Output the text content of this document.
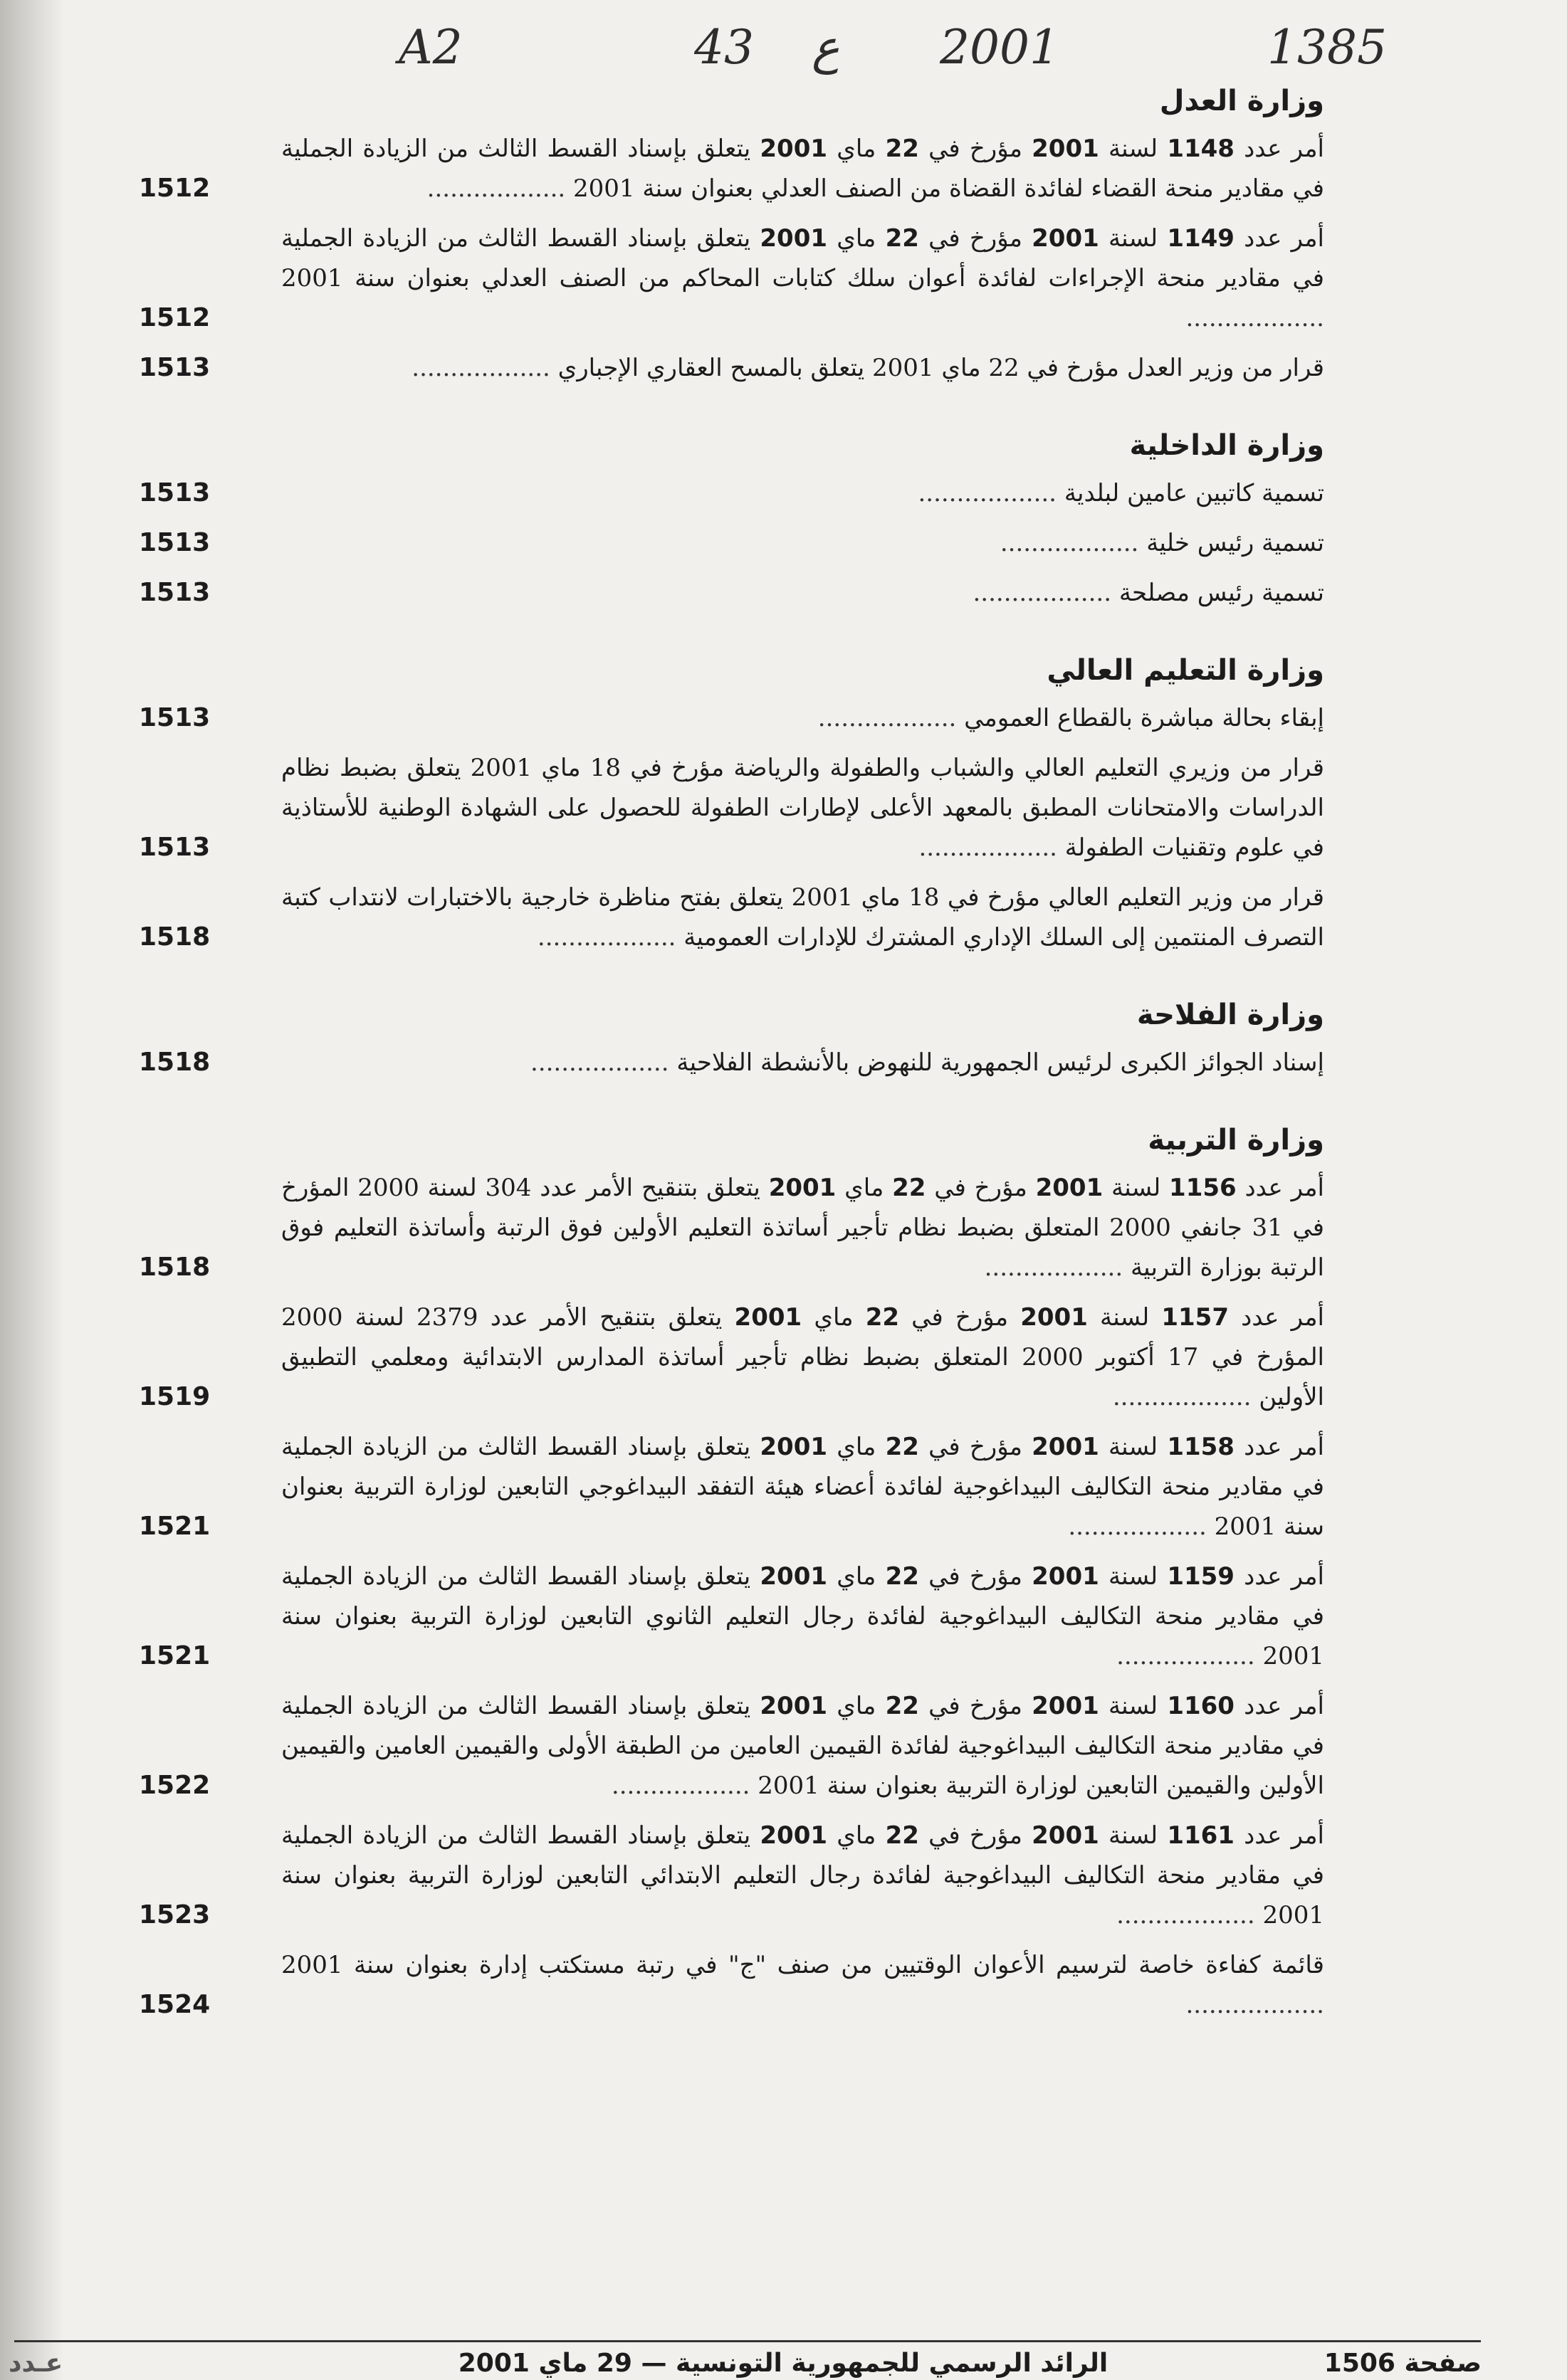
A2	43 ع 2001	1385
وزارة العدل
أمر عدد 1148 لسنة 2001 مؤرخ في 22 ماي 2001 يتعلق بإسناد القسط الثالث من الزيادة الجملية في مقادير منحة القضاء لفائدة القضاة من الصنف العدلي بعنوان سنة 2001 ..................
1512
أمر عدد 1149 لسنة 2001 مؤرخ في 22 ماي 2001 يتعلق بإسناد القسط الثالث من الزيادة الجملية في مقادير منحة الإجراءات لفائدة أعوان سلك كتابات المحاكم من الصنف العدلي بعنوان سنة 2001 ..................
1512
قرار من وزير العدل مؤرخ في 22 ماي 2001 يتعلق بالمسح العقاري الإجباري ..................
1513
وزارة الداخلية
تسمية كاتبين عامين لبلدية ..................
1513
تسمية رئيس خلية ..................
1513
تسمية رئيس مصلحة ..................
1513
وزارة التعليم العالي
إبقاء بحالة مباشرة بالقطاع العمومي ..................
1513
قرار من وزيري التعليم العالي والشباب والطفولة والرياضة مؤرخ في 18 ماي 2001 يتعلق بضبط نظام الدراسات والامتحانات المطبق بالمعهد الأعلى لإطارات الطفولة للحصول على الشهادة الوطنية للأستاذية في علوم وتقنيات الطفولة ..................
1513
قرار من وزير التعليم العالي مؤرخ في 18 ماي 2001 يتعلق بفتح مناظرة خارجية بالاختبارات لانتداب كتبة التصرف المنتمين إلى السلك الإداري المشترك للإدارات العمومية ..................
1518
وزارة الفلاحة
إسناد الجوائز الكبرى لرئيس الجمهورية للنهوض بالأنشطة الفلاحية ..................
1518
وزارة التربية
أمر عدد 1156 لسنة 2001 مؤرخ في 22 ماي 2001 يتعلق بتنقيح الأمر عدد 304 لسنة 2000 المؤرخ في 31 جانفي 2000 المتعلق بضبط نظام تأجير أساتذة التعليم الأولين فوق الرتبة وأساتذة التعليم فوق الرتبة بوزارة التربية ..................
1518
أمر عدد 1157 لسنة 2001 مؤرخ في 22 ماي 2001 يتعلق بتنقيح الأمر عدد 2379 لسنة 2000 المؤرخ في 17 أكتوبر 2000 المتعلق بضبط نظام تأجير أساتذة المدارس الابتدائية ومعلمي التطبيق الأولين ..................
1519
أمر عدد 1158 لسنة 2001 مؤرخ في 22 ماي 2001 يتعلق بإسناد القسط الثالث من الزيادة الجملية في مقادير منحة التكاليف البيداغوجية لفائدة أعضاء هيئة التفقد البيداغوجي التابعين لوزارة التربية بعنوان سنة 2001 ..................
1521
أمر عدد 1159 لسنة 2001 مؤرخ في 22 ماي 2001 يتعلق بإسناد القسط الثالث من الزيادة الجملية في مقادير منحة التكاليف البيداغوجية لفائدة رجال التعليم الثانوي التابعين لوزارة التربية بعنوان سنة 2001 ..................
1521
أمر عدد 1160 لسنة 2001 مؤرخ في 22 ماي 2001 يتعلق بإسناد القسط الثالث من الزيادة الجملية في مقادير منحة التكاليف البيداغوجية لفائدة القيمين العامين من الطبقة الأولى والقيمين العامين والقيمين الأولين والقيمين التابعين لوزارة التربية بعنوان سنة 2001 ..................
1522
أمر عدد 1161 لسنة 2001 مؤرخ في 22 ماي 2001 يتعلق بإسناد القسط الثالث من الزيادة الجملية في مقادير منحة التكاليف البيداغوجية لفائدة رجال التعليم الابتدائي التابعين لوزارة التربية بعنوان سنة 2001 ..................
1523
قائمة كفاءة خاصة لترسيم الأعوان الوقتيين من صنف "ج" في رتبة مستكتب إدارة بعنوان سنة 2001 ..................
1524
صفحة 1506
الرائد الرسمي للجمهورية التونسية — 29 ماي 2001
عـدد
